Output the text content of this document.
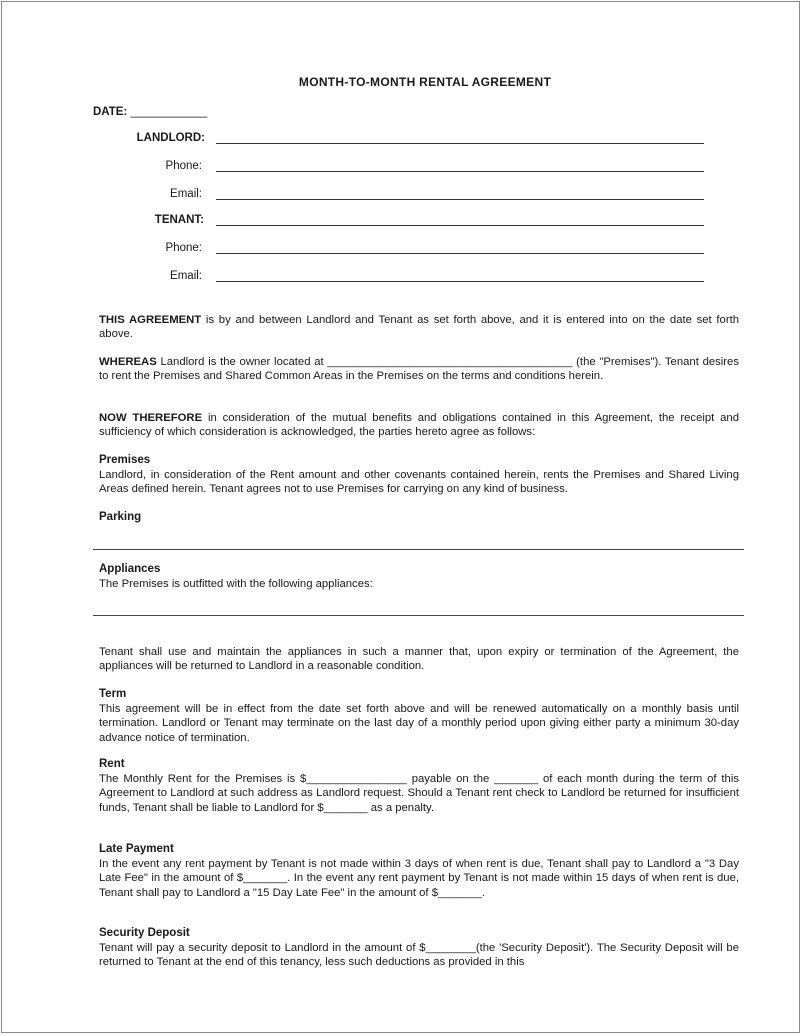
MONTH-TO-MONTH RENTAL AGREEMENT
DATE: ____________
LANDLORD:
Phone:
Email:
TENANT:
Phone:
Email:
THIS AGREEMENT is by and between Landlord and Tenant as set forth above, and it is entered into on the date set forth above.
WHEREAS Landlord is the owner located at _______________________________________ (the "Premises"). Tenant desires to rent the Premises and Shared Common Areas in the Premises on the terms and conditions herein.
NOW THEREFORE in consideration of the mutual benefits and obligations contained in this Agreement, the receipt and sufficiency of which consideration is acknowledged, the parties hereto agree as follows:
Premises
Landlord, in consideration of the Rent amount and other covenants contained herein, rents the Premises and Shared Living Areas defined herein. Tenant agrees not to use Premises for carrying on any kind of business.
Parking
Appliances
The Premises is outfitted with the following appliances:
Tenant shall use and maintain the appliances in such a manner that, upon expiry or termination of the Agreement, the appliances will be returned to Landlord in a reasonable condition.
Term
This agreement will be in effect from the date set forth above and will be renewed automatically on a monthly basis until termination. Landlord or Tenant may terminate on the last day of a monthly period upon giving either party a minimum 30-day advance notice of termination.
Rent
The Monthly Rent for the Premises is $________________ payable on the _______ of each month during the term of this Agreement to Landlord at such address as Landlord request. Should a Tenant rent check to Landlord be returned for insufficient funds, Tenant shall be liable to Landlord for $_______ as a penalty.
Late Payment
In the event any rent payment by Tenant is not made within 3 days of when rent is due, Tenant shall pay to Landlord a "3 Day Late Fee" in the amount of $_______. In the event any rent payment by Tenant is not made within 15 days of when rent is due, Tenant shall pay to Landlord a "15 Day Late Fee" in the amount of $_______.
Security Deposit
Tenant will pay a security deposit to Landlord in the amount of $________(the 'Security Deposit'). The Security Deposit will be returned to Tenant at the end of this tenancy, less such deductions as provided in this
